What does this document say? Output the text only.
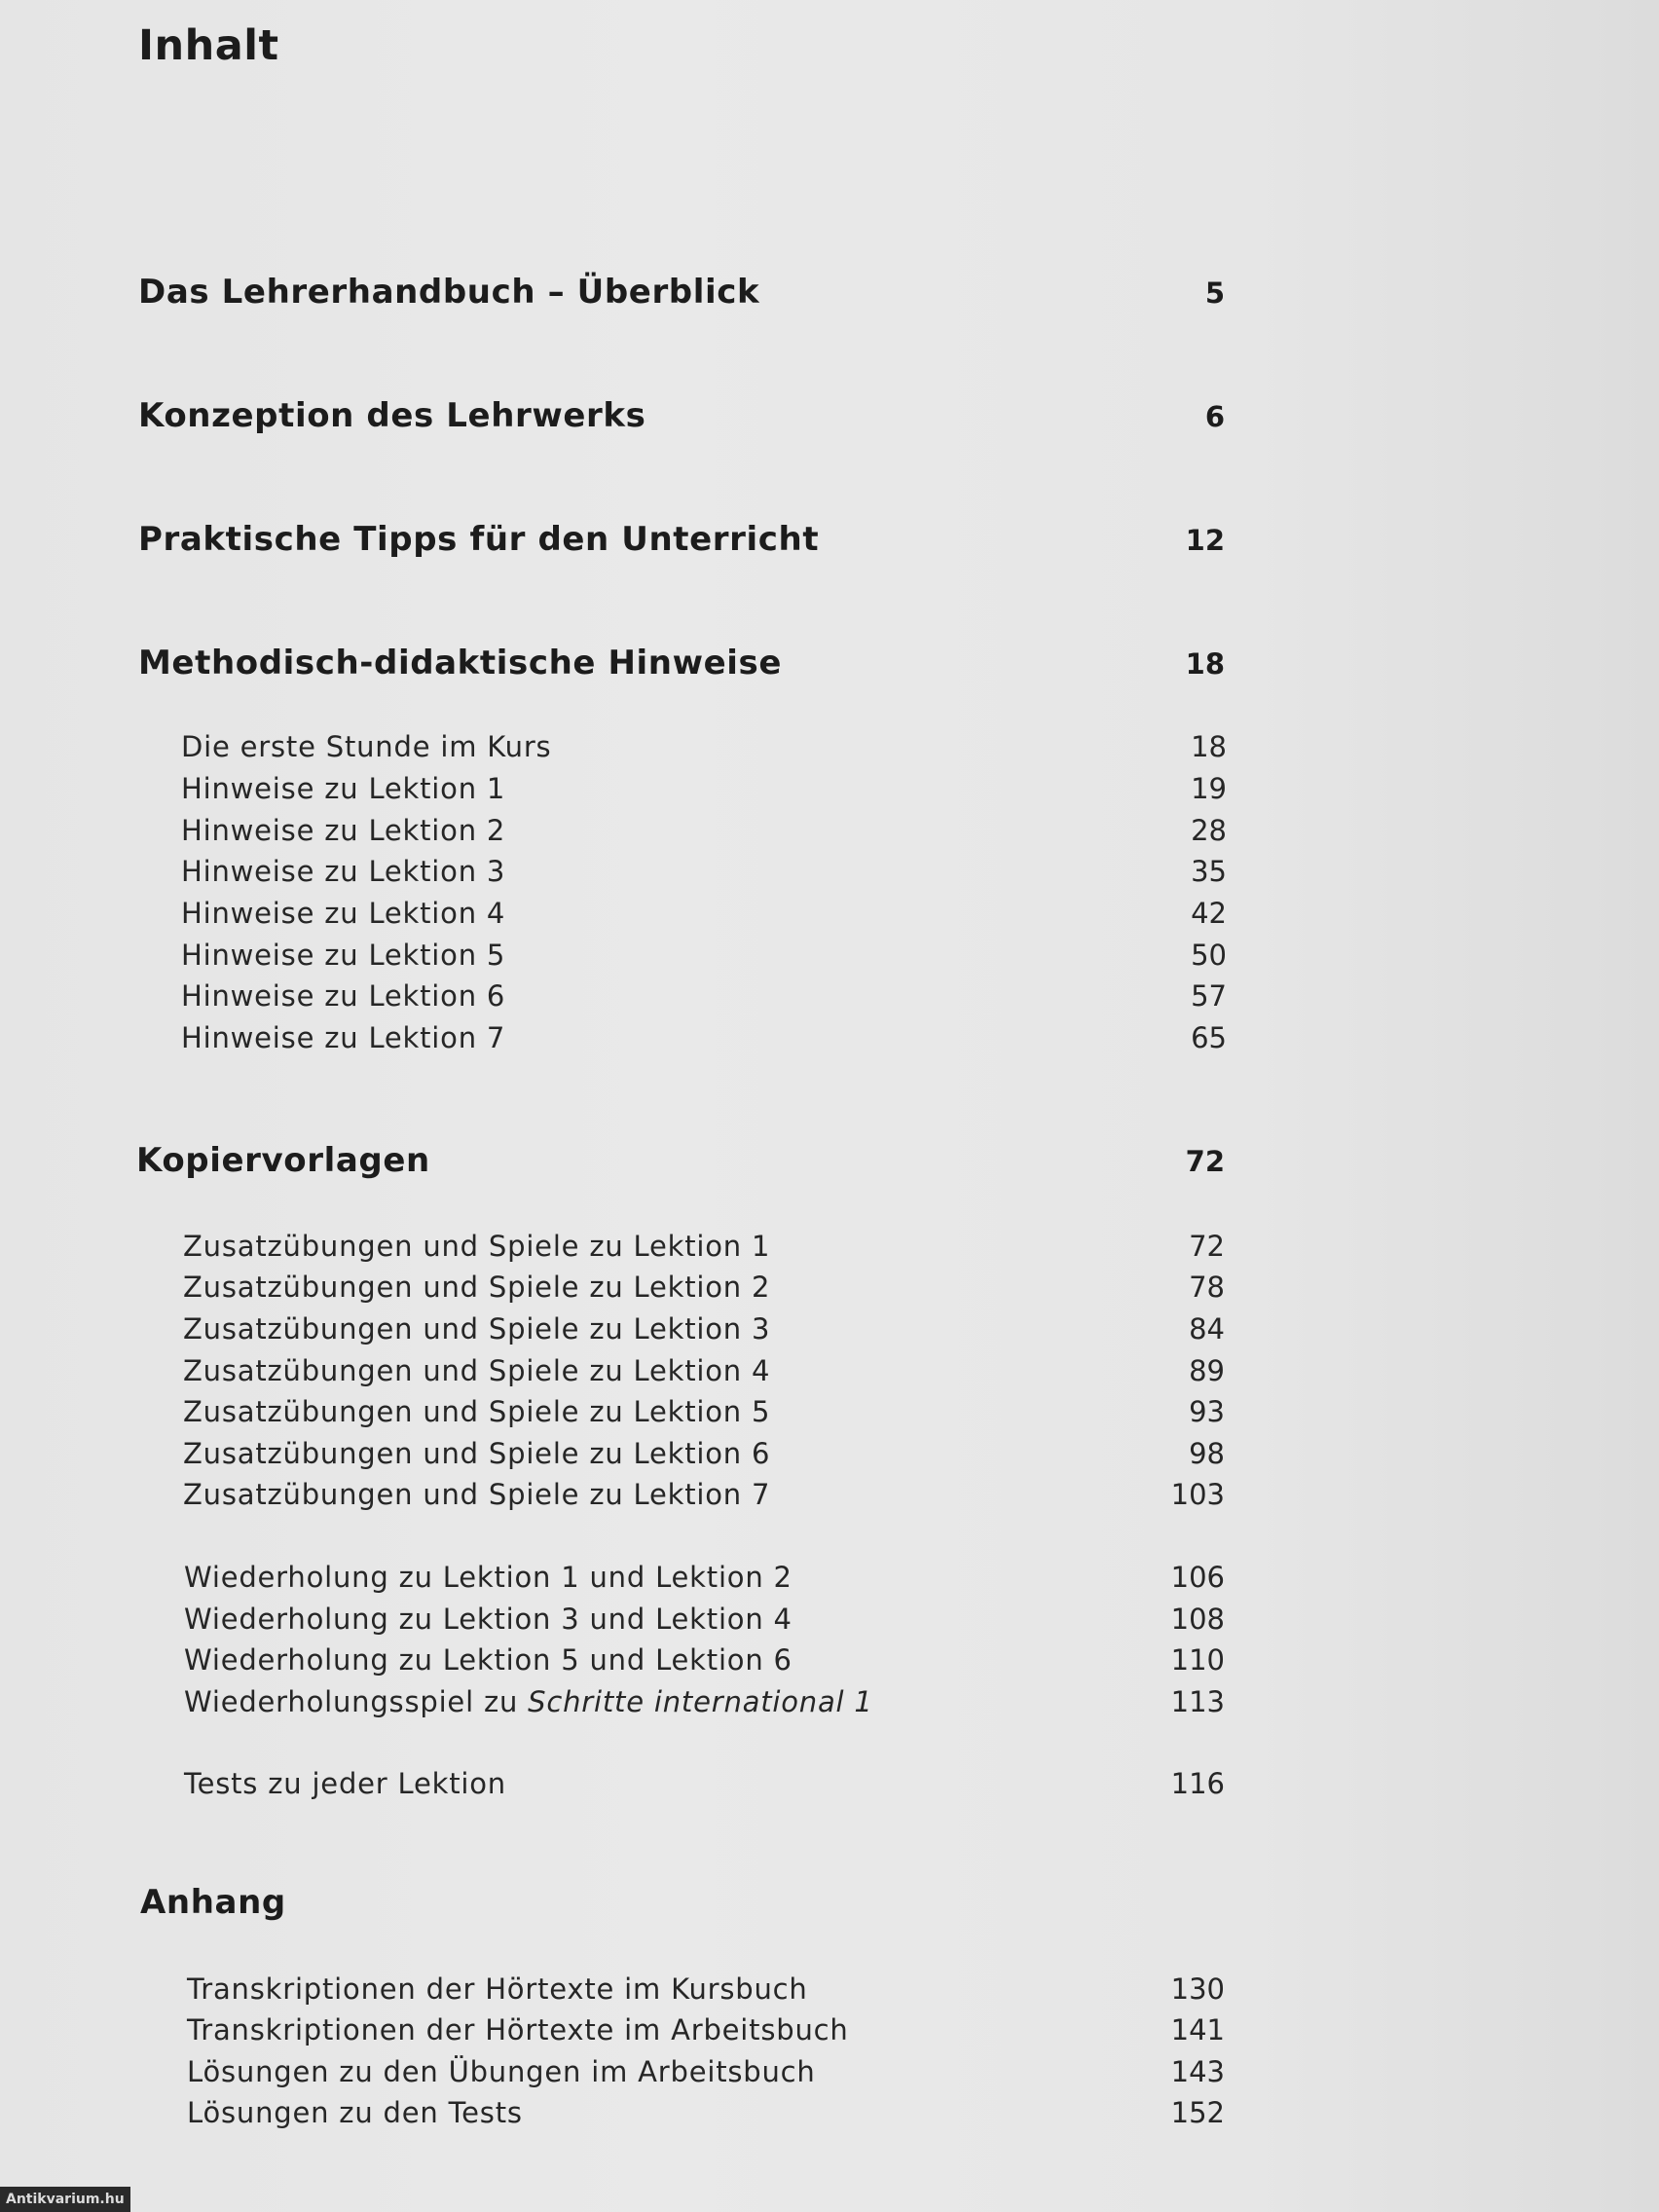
Inhalt
Das Lehrerhandbuch – Überblick	5
Konzeption des Lehrwerks	6
Praktische Tipps für den Unterricht	12
Methodisch-didaktische Hinweise	18
Die erste Stunde im Kurs	18
Hinweise zu Lektion 1	19
Hinweise zu Lektion 2	28
Hinweise zu Lektion 3	35
Hinweise zu Lektion 4	42
Hinweise zu Lektion 5	50
Hinweise zu Lektion 6	57
Hinweise zu Lektion 7	65
Kopiervorlagen	72
Zusatzübungen und Spiele zu Lektion 1	72
Zusatzübungen und Spiele zu Lektion 2	78
Zusatzübungen und Spiele zu Lektion 3	84
Zusatzübungen und Spiele zu Lektion 4	89
Zusatzübungen und Spiele zu Lektion 5	93
Zusatzübungen und Spiele zu Lektion 6	98
Zusatzübungen und Spiele zu Lektion 7	103
Wiederholung zu Lektion 1 und Lektion 2	106
Wiederholung zu Lektion 3 und Lektion 4	108
Wiederholung zu Lektion 5 und Lektion 6	110
Wiederholungsspiel zu Schritte international 1	113
Tests zu jeder Lektion	116
Anhang
Transkriptionen der Hörtexte im Kursbuch	130
Transkriptionen der Hörtexte im Arbeitsbuch	141
Lösungen zu den Übungen im Arbeitsbuch	143
Lösungen zu den Tests	152
Antikvarium.hu
